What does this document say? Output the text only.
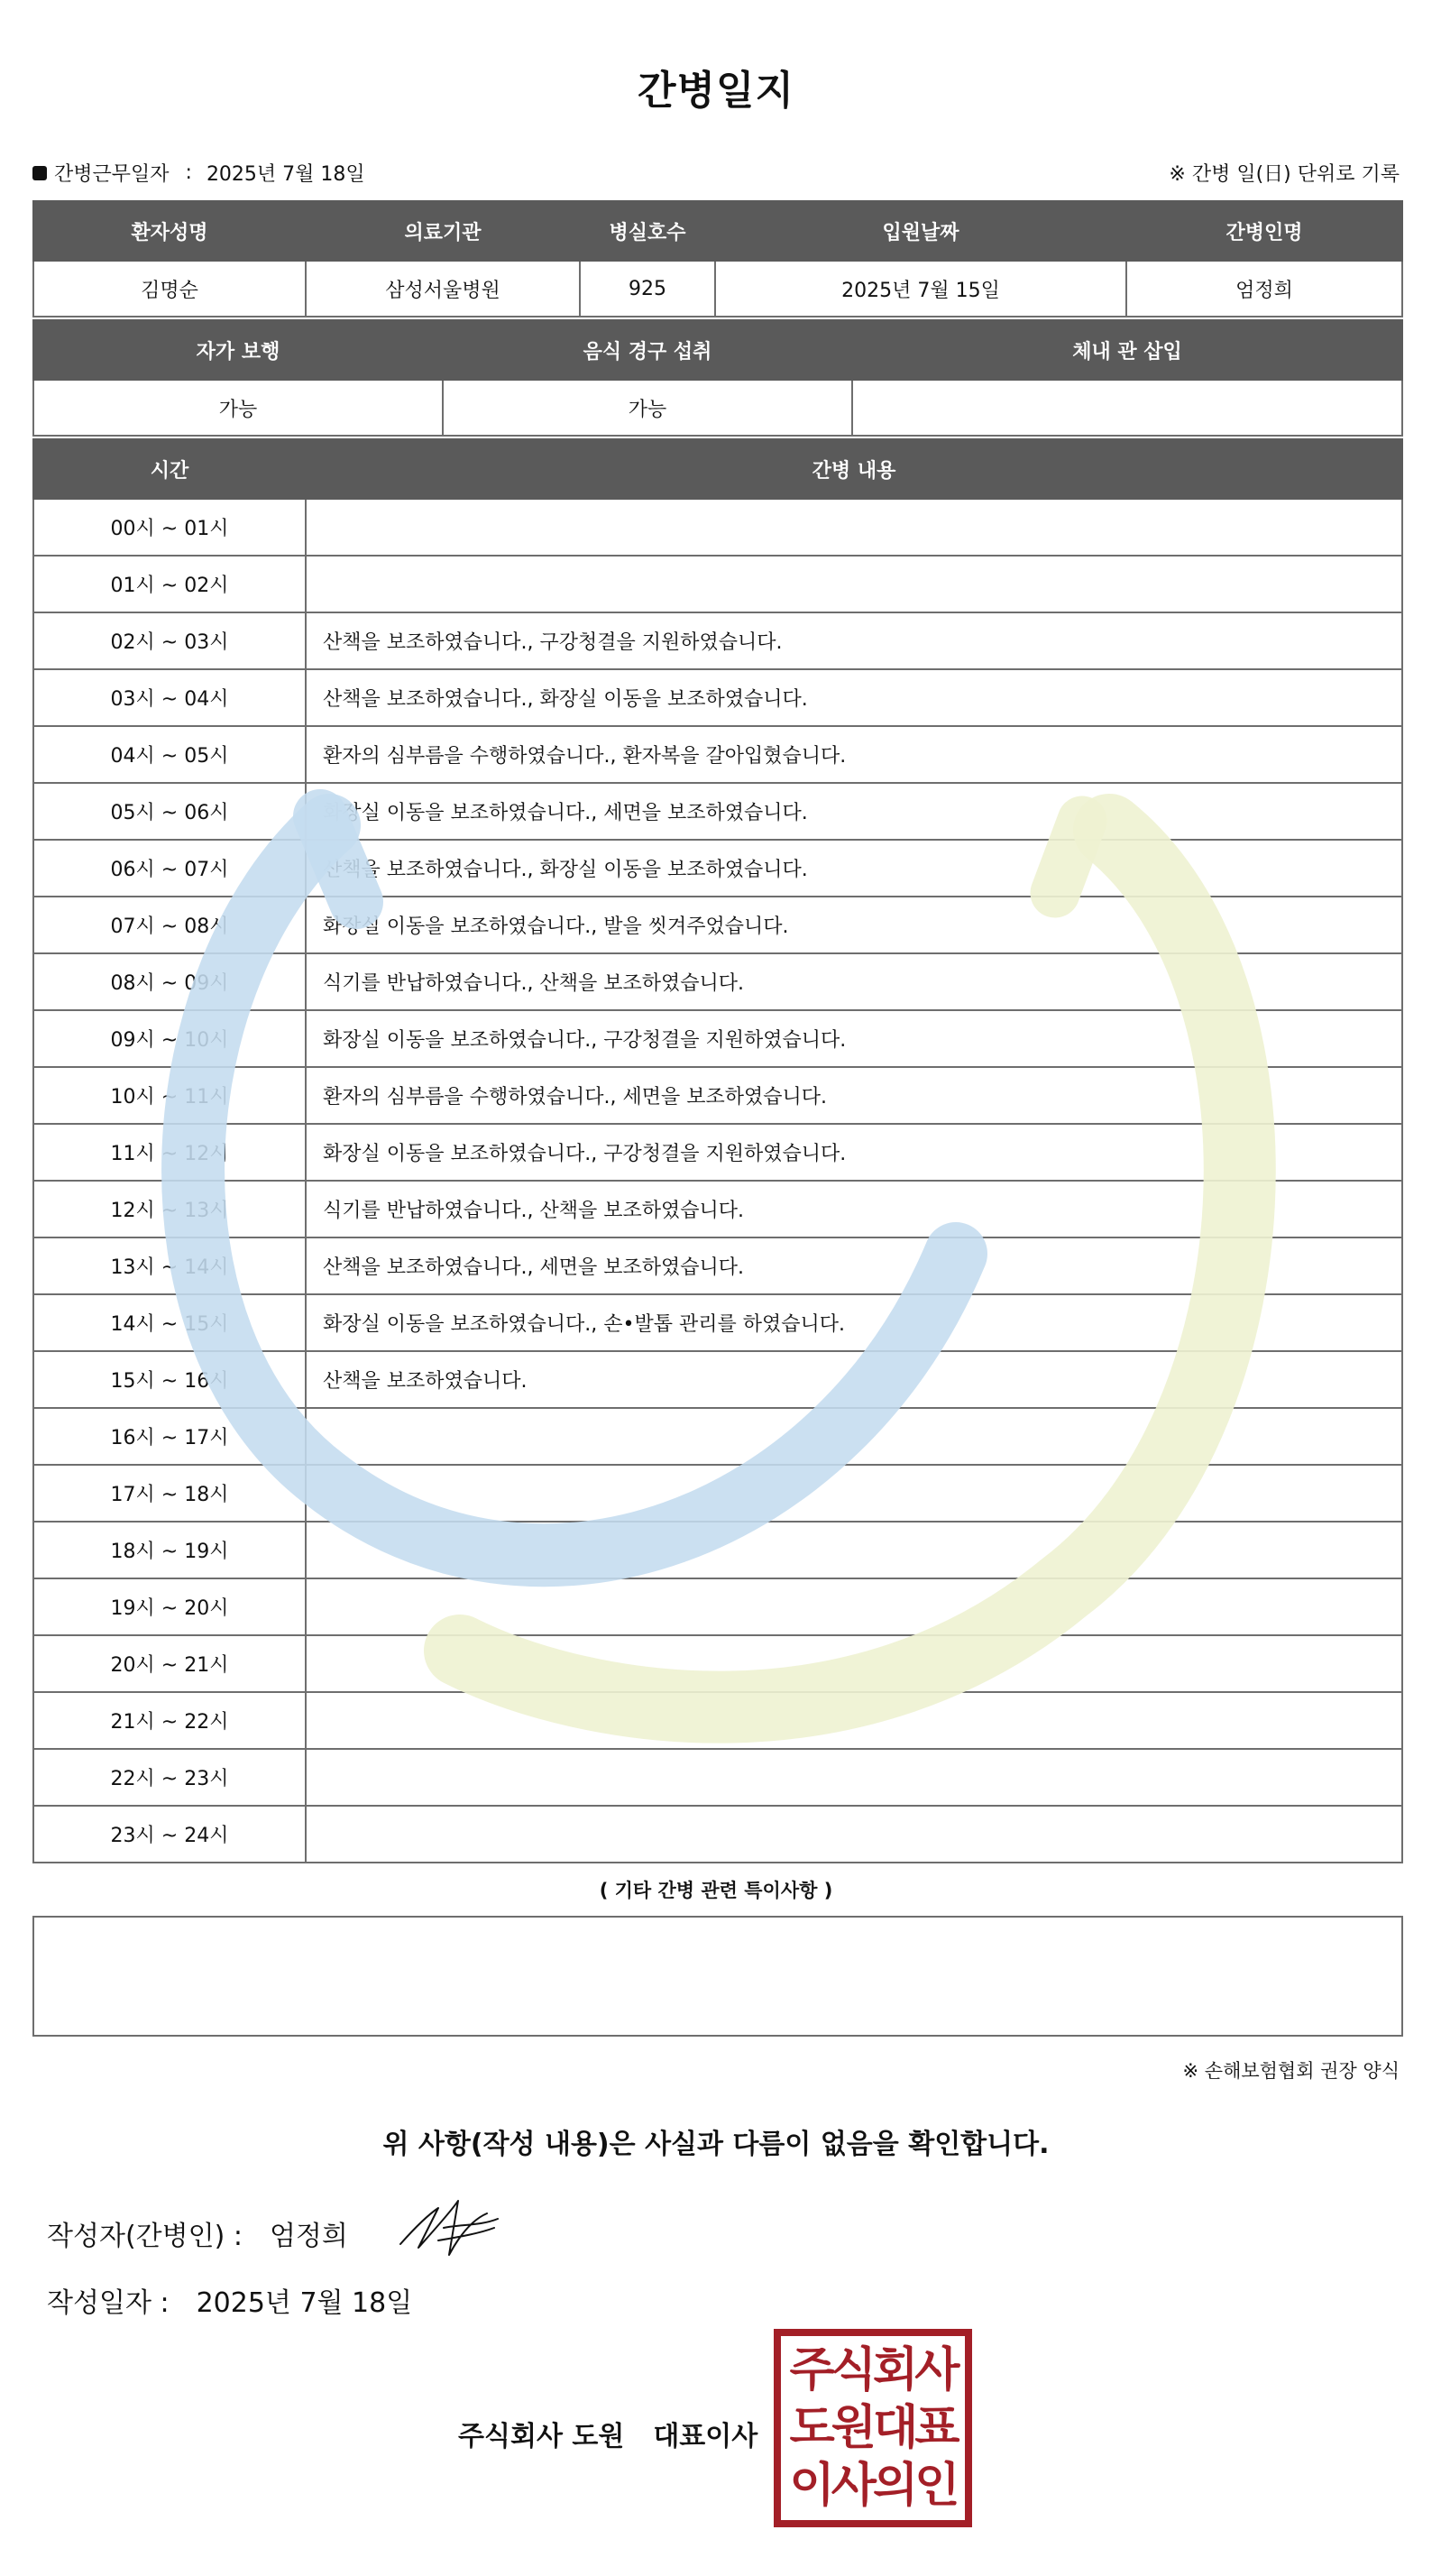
간병일지
간병근무일자 : 2025년 7월 18일	※ 간병 일(日) 단위로 기록
환자성명	의료기관	병실호수	입원날짜	간병인명
김명순	삼성서울병원	925	2025년 7월 15일	엄정희
자가 보행	음식 경구 섭취	체내 관 삽입
가능	가능	
시간	간병 내용
00시 ~ 01시	
01시 ~ 02시	
02시 ~ 03시	산책을 보조하였습니다., 구강청결을 지원하였습니다.
03시 ~ 04시	산책을 보조하였습니다., 화장실 이동을 보조하였습니다.
04시 ~ 05시	환자의 심부름을 수행하였습니다., 환자복을 갈아입혔습니다.
05시 ~ 06시	화장실 이동을 보조하였습니다., 세면을 보조하였습니다.
06시 ~ 07시	산책을 보조하였습니다., 화장실 이동을 보조하였습니다.
07시 ~ 08시	화장실 이동을 보조하였습니다., 발을 씻겨주었습니다.
08시 ~ 09시	식기를 반납하였습니다., 산책을 보조하였습니다.
09시 ~ 10시	화장실 이동을 보조하였습니다., 구강청결을 지원하였습니다.
10시 ~ 11시	환자의 심부름을 수행하였습니다., 세면을 보조하였습니다.
11시 ~ 12시	화장실 이동을 보조하였습니다., 구강청결을 지원하였습니다.
12시 ~ 13시	식기를 반납하였습니다., 산책을 보조하였습니다.
13시 ~ 14시	산책을 보조하였습니다., 세면을 보조하였습니다.
14시 ~ 15시	화장실 이동을 보조하였습니다., 손•발톱 관리를 하였습니다.
15시 ~ 16시	산책을 보조하였습니다.
16시 ~ 17시	
17시 ~ 18시	
18시 ~ 19시	
19시 ~ 20시	
20시 ~ 21시	
21시 ~ 22시	
22시 ~ 23시	
23시 ~ 24시	
( 기타 간병 관련 특이사항 )
※ 손해보험협회 권장 양식
위 사항(작성 내용)은 사실과 다름이 없음을 확인합니다.
작성자(간병인) : 엄정희
작성일자 : 2025년 7월 18일
주식회사 도원 대표이사
주식회사
도원대표
이사의인
